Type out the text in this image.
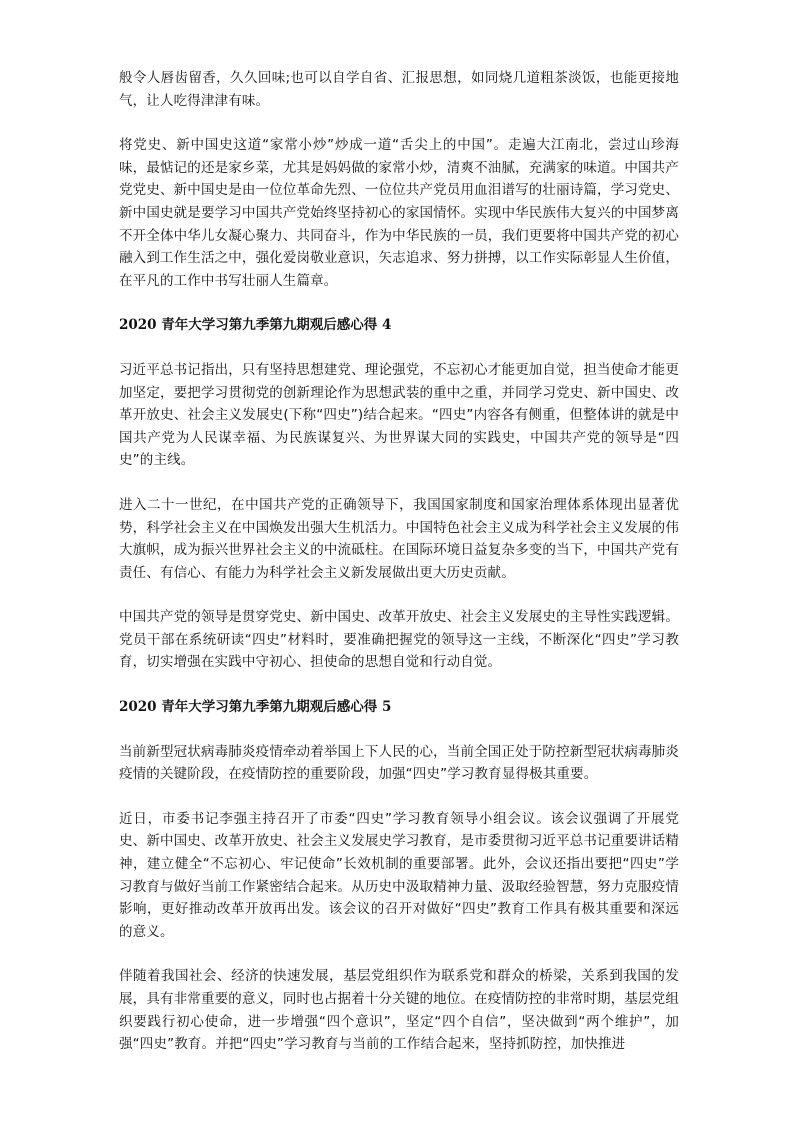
般令人唇齿留香，久久回味;也可以自学自省、汇报思想，如同烧几道粗茶淡饭，也能更接地气，让人吃得津津有味。

将党史、新中国史这道“家常小炒”炒成一道“舌尖上的中国”。走遍大江南北，尝过山珍海味，最惦记的还是家乡菜，尤其是妈妈做的家常小炒，清爽不油腻，充满家的味道。中国共产党党史、新中国史是由一位位革命先烈、一位位共产党员用血泪谱写的壮丽诗篇，学习党史、新中国史就是要学习中国共产党始终坚持初心的家国情怀。实现中华民族伟大复兴的中国梦离不开全体中华儿女凝心聚力、共同奋斗，作为中华民族的一员，我们更要将中国共产党的初心融入到工作生活之中，强化爱岗敬业意识，矢志追求、努力拼搏，以工作实际彰显人生价值，在平凡的工作中书写壮丽人生篇章。

2020 青年大学习第九季第九期观后感心得 4

习近平总书记指出，只有坚持思想建党、理论强党，不忘初心才能更加自觉，担当使命才能更加坚定，要把学习贯彻党的创新理论作为思想武装的重中之重，并同学习党史、新中国史、改革开放史、社会主义发展史(下称“四史”)结合起来。“四史”内容各有侧重，但整体讲的就是中国共产党为人民谋幸福、为民族谋复兴、为世界谋大同的实践史，中国共产党的领导是“四史”的主线。

进入二十一世纪，在中国共产党的正确领导下，我国国家制度和国家治理体系体现出显著优势，科学社会主义在中国焕发出强大生机活力。中国特色社会主义成为科学社会主义发展的伟大旗帜，成为振兴世界社会主义的中流砥柱。在国际环境日益复杂多变的当下，中国共产党有责任、有信心、有能力为科学社会主义新发展做出更大历史贡献。

中国共产党的领导是贯穿党史、新中国史、改革开放史、社会主义发展史的主导性实践逻辑。党员干部在系统研读“四史”材料时，要准确把握党的领导这一主线，不断深化“四史”学习教育，切实增强在实践中守初心、担使命的思想自觉和行动自觉。

2020 青年大学习第九季第九期观后感心得 5

当前新型冠状病毒肺炎疫情牵动着举国上下人民的心，当前全国正处于防控新型冠状病毒肺炎疫情的关键阶段，在疫情防控的重要阶段，加强“四史”学习教育显得极其重要。

近日，市委书记李强主持召开了市委“四史”学习教育领导小组会议。该会议强调了开展党史、新中国史、改革开放史、社会主义发展史学习教育，是市委贯彻习近平总书记重要讲话精神，建立健全“不忘初心、牢记使命”长效机制的重要部署。此外，会议还指出要把“四史”学习教育与做好当前工作紧密结合起来。从历史中汲取精神力量、汲取经验智慧，努力克服疫情影响，更好推动改革开放再出发。该会议的召开对做好“四史”教育工作具有极其重要和深远的意义。

伴随着我国社会、经济的快速发展，基层党组织作为联系党和群众的桥梁，关系到我国的发展，具有非常重要的意义，同时也占据着十分关键的地位。在疫情防控的非常时期，基层党组织要践行初心使命，进一步增强“四个意识”，坚定“四个自信”，坚决做到“两个维护”，加强“四史”教育。并把“四史”学习教育与当前的工作结合起来，坚持抓防控，加快推进
